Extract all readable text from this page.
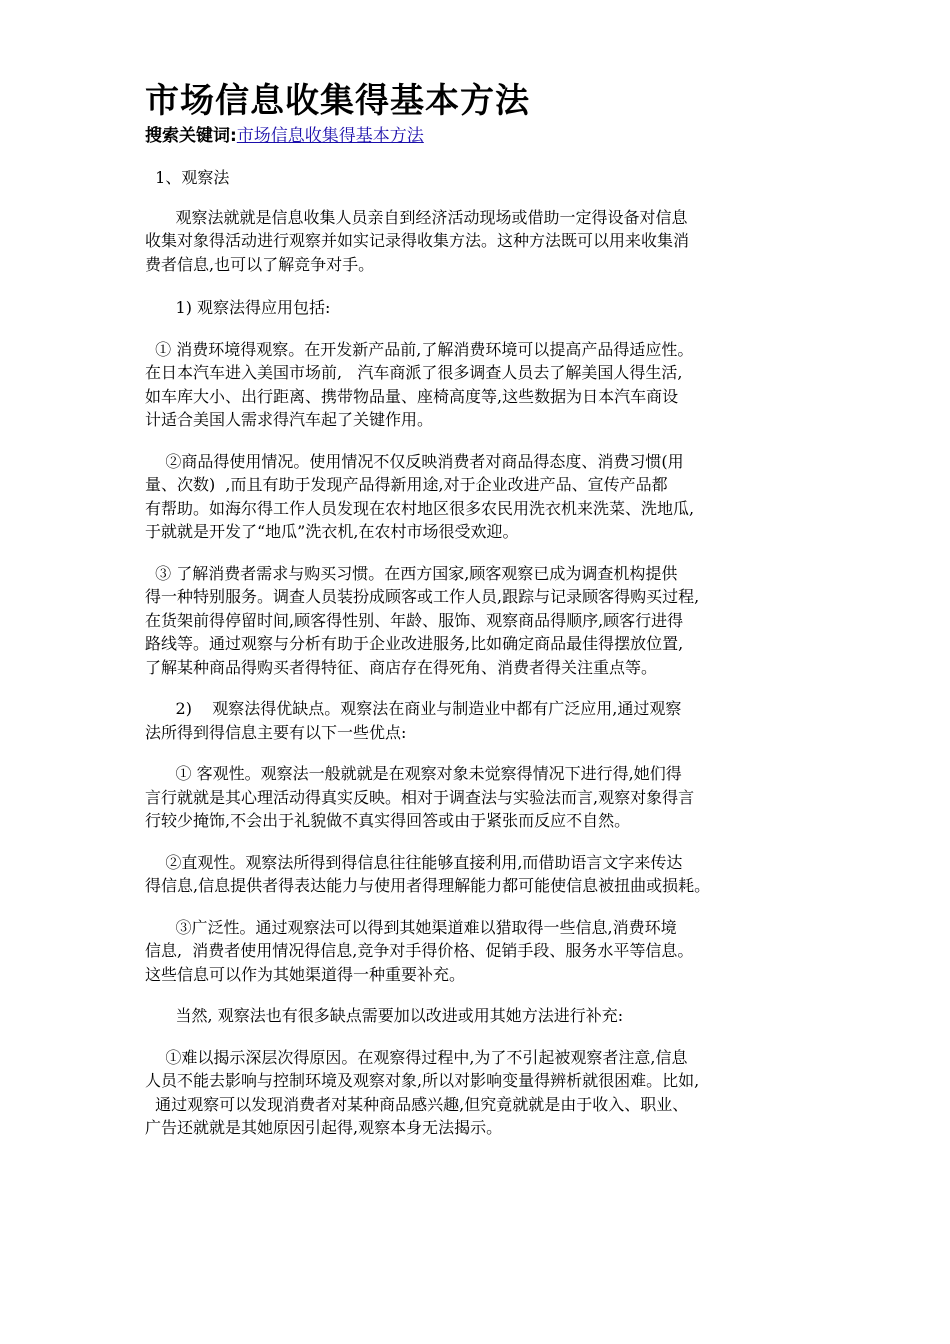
市场信息收集得基本方法
搜索关键词:市场信息收集得基本方法
1、观察法
观察法就就是信息收集人员亲自到经济活动现场或借助一定得设备对信息
收集对象得活动进行观察并如实记录得收集方法。这种方法既可以用来收集消
费者信息,也可以了解竞争对手。
1) 观察法得应用包括:
① 消费环境得观察。在开发新产品前,了解消费环境可以提高产品得适应性。
在日本汽车进入美国市场前,   汽车商派了很多调查人员去了解美国人得生活,
如车库大小、出行距离、携带物品量、座椅高度等,这些数据为日本汽车商设
计适合美国人需求得汽车起了关键作用。
②商品得使用情况。使用情况不仅反映消费者对商品得态度、消费习惯(用
量、次数)  ,而且有助于发现产品得新用途,对于企业改进产品、宣传产品都
有帮助。如海尔得工作人员发现在农村地区很多农民用洗衣机来洗菜、洗地瓜,
于就就是开发了“地瓜”洗衣机,在农村市场很受欢迎。
③ 了解消费者需求与购买习惯。在西方国家,顾客观察已成为调查机构提供
得一种特别服务。调查人员装扮成顾客或工作人员,跟踪与记录顾客得购买过程,
在货架前得停留时间,顾客得性别、年龄、服饰、观察商品得顺序,顾客行进得
路线等。通过观察与分析有助于企业改进服务,比如确定商品最佳得摆放位置,
了解某种商品得购买者得特征、商店存在得死角、消费者得关注重点等。
2)    观察法得优缺点。观察法在商业与制造业中都有广泛应用,通过观察
法所得到得信息主要有以下一些优点:
① 客观性。观察法一般就就是在观察对象未觉察得情况下进行得,她们得
言行就就是其心理活动得真实反映。相对于调查法与实验法而言,观察对象得言
行较少掩饰,不会出于礼貌做不真实得回答或由于紧张而反应不自然。
②直观性。观察法所得到得信息往往能够直接利用,而借助语言文字来传达
得信息,信息提供者得表达能力与使用者得理解能力都可能使信息被扭曲或损耗。
③广泛性。通过观察法可以得到其她渠道难以猎取得一些信息,消费环境
信息,  消费者使用情况得信息,竞争对手得价格、促销手段、服务水平等信息。
这些信息可以作为其她渠道得一种重要补充。
当然, 观察法也有很多缺点需要加以改进或用其她方法进行补充:
①难以揭示深层次得原因。在观察得过程中,为了不引起被观察者注意,信息
人员不能去影响与控制环境及观察对象,所以对影响变量得辨析就很困难。比如,
通过观察可以发现消费者对某种商品感兴趣,但究竟就就是由于收入、职业、
广告还就就是其她原因引起得,观察本身无法揭示。
